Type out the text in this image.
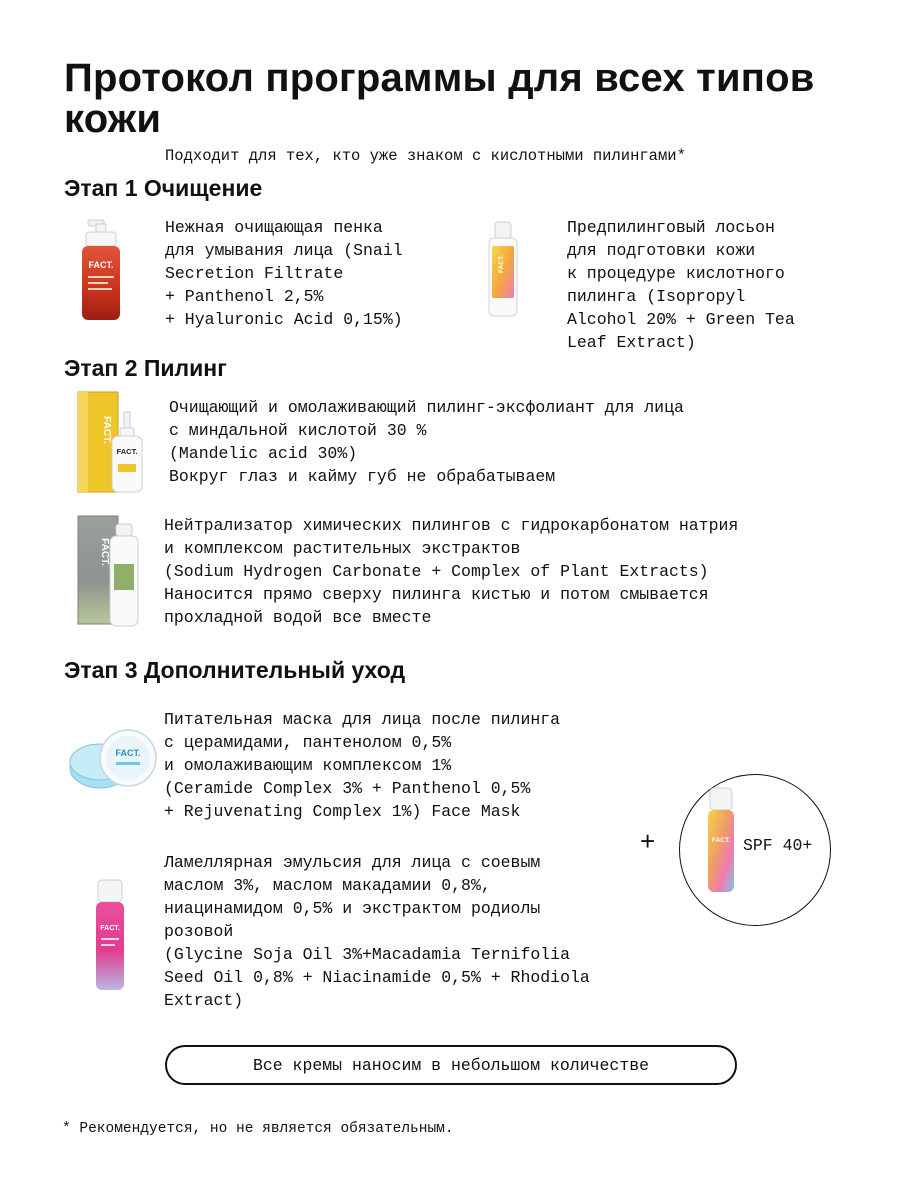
Протокол программы для всех типов кожи
Подходит для тех, кто уже знаком с кислотными пилингами*
Этап 1 Очищение
FACT.
Нежная очищающая пенка
для умывания лица (Snail
Secretion Filtrate
+ Panthenol 2,5%
+ Hyaluronic Acid 0,15%)
FACT.
Предпилинговый лосьон
для подготовки кожи
к процедуре кислотного
пилинга (Isopropyl
Alcohol 20% + Green Tea
Leaf Extract)
Этап 2 Пилинг
FACT.
FACT.
Очищающий и омолаживающий пилинг-эксфолиант для лица
с миндальной кислотой 30 %
(Mandelic acid 30%)
Вокруг глаз и кайму губ не обрабатываем
FACT.
Нейтрализатор химических пилингов с гидрокарбонатом натрия
и комплексом растительных экстрактов
(Sodium Hydrogen Carbonate + Complex of Plant Extracts)
Наносится прямо сверху пилинга кистью и потом смывается
прохладной водой все вместе
Этап 3 Дополнительный уход
FACT.
Питательная маска для лица после пилинга
с церамидами, пантенолом 0,5%
и омолаживающим комплексом 1%
(Ceramide Complex 3% + Panthenol 0,5%
+ Rejuvenating Complex 1%) Face Mask
FACT.
Ламеллярная эмульсия для лица с соевым
маслом 3%, маслом макадамии 0,8%,
ниацинамидом 0,5% и экстрактом родиолы
розовой
(Glycine Soja Oil 3%+Macadamia Ternifolia
Seed Oil 0,8% + Niacinamide 0,5% + Rhodiola
Extract)
+	FACT. SPF 40+
Все кремы наносим в небольшом количестве
* Рекомендуется, но не является обязательным.
